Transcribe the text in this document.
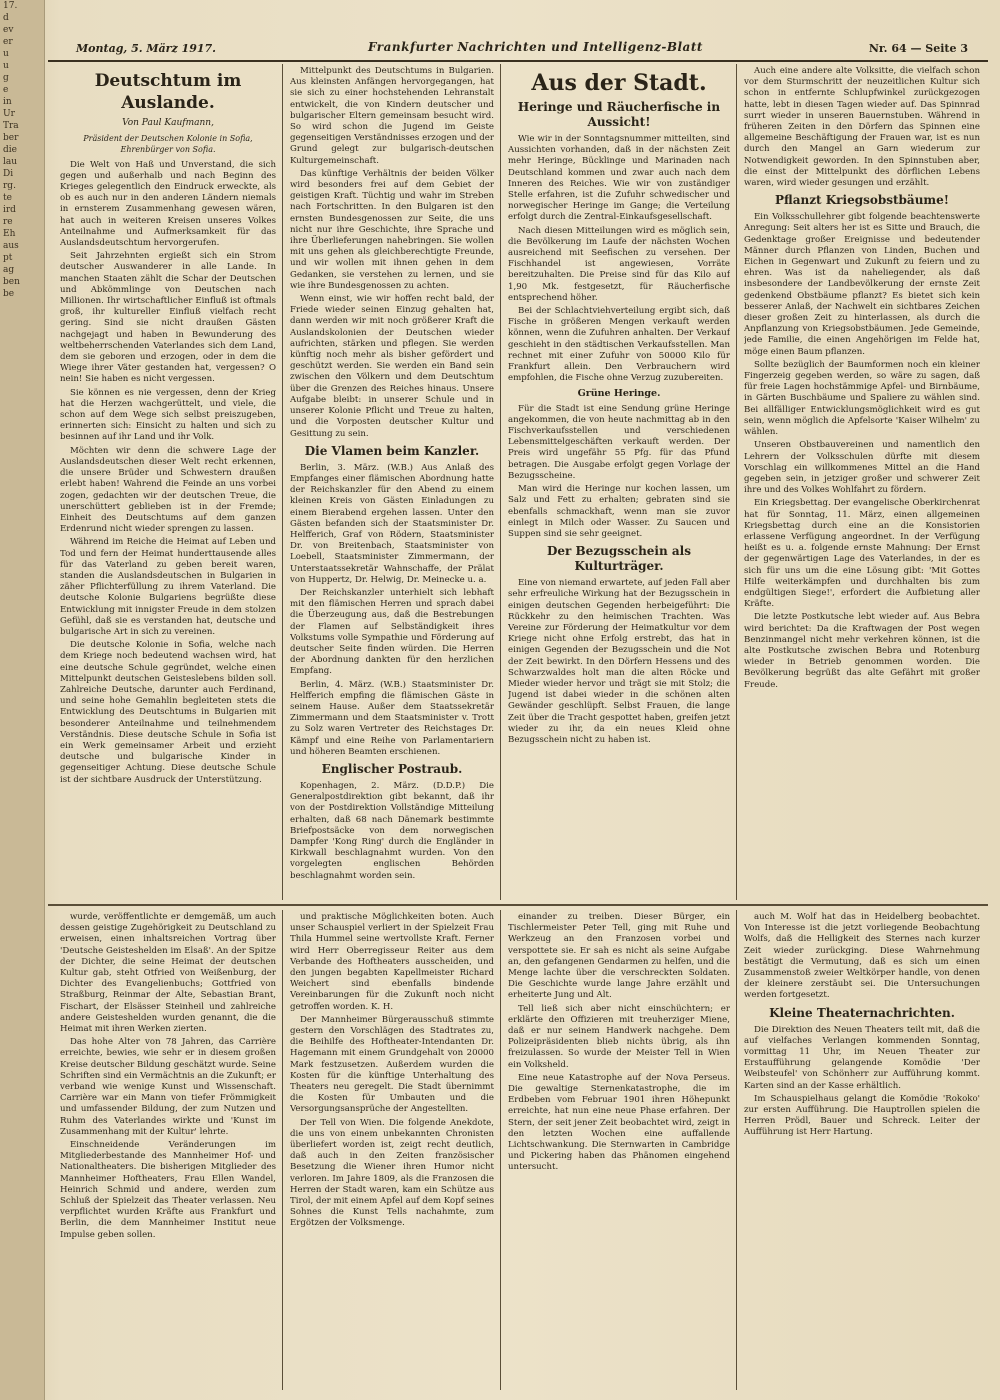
17.
d
ev
er
u
u
g
e
in
Ur
Tra
ber
die
lau
Di
rg.
te
ird
re
Eh
aus
pt
ag
ben
be
Montag, 5. März 1917.	Frankfurter Nachrichten und Intelligenz-Blatt	Nr. 64 — Seite 3
Deutschtum im Auslande.
Von Paul Kaufmann,
Präsident der Deutschen Kolonie in Sofia, Ehrenbürger von Sofia.

Die Welt von Haß und Unverstand, die sich gegen und außerhalb und nach Beginn des Krieges gelegentlich den Eindruck erweckte, als ob es auch nur in den anderen Ländern niemals in ernsterem Zusammenhang gewesen wären, hat auch in weiteren Kreisen unseres Volkes Anteilnahme und Aufmerksamkeit für das Auslandsdeutschtum hervorgerufen.

Seit Jahrzehnten ergießt sich ein Strom deutscher Auswanderer in alle Lande. In manchen Staaten zählt die Schar der Deutschen und Abkömmlinge von Deutschen nach Millionen. Ihr wirtschaftlicher Einfluß ist oftmals groß, ihr kultureller Einfluß vielfach recht gering. Sind sie nicht draußen Gästen nachgejagt und haben in Bewunderung des weltbeherrschenden Vaterlandes sich dem Land, dem sie geboren und erzogen, oder in dem die Wiege ihrer Väter gestanden hat, vergessen? O nein! Sie haben es nicht vergessen.

Sie können es nie vergessen, denn der Krieg hat die Herzen wachgerüttelt, und viele, die schon auf dem Wege sich selbst preiszugeben, erinnerten sich: Einsicht zu halten und sich zu besinnen auf ihr Land und ihr Volk.

Möchten wir denn die schwere Lage der Auslandsdeutschen dieser Welt recht erkennen, die unsere Brüder und Schwestern draußen erlebt haben! Wahrend die Feinde an uns vorbei zogen, gedachten wir der deutschen Treue, die unerschüttert geblieben ist in der Fremde; Einheit des Deutschtums auf dem ganzen Erdenrund nicht wieder sprengen zu lassen.

Während im Reiche die Heimat auf Leben und Tod und fern der Heimat hunderttausende alles für das Vaterland zu geben bereit waren, standen die Auslandsdeutschen in Bulgarien in zäher Pflichterfüllung zu ihrem Vaterland. Die deutsche Kolonie Bulgariens begrüßte diese Entwicklung mit innigster Freude in dem stolzen Gefühl, daß sie es verstanden hat, deutsche und bulgarische Art in sich zu vereinen.

Die deutsche Kolonie in Sofia, welche nach dem Kriege noch bedeutend wachsen wird, hat eine deutsche Schule gegründet, welche einen Mittelpunkt deutschen Geisteslebens bilden soll. Zahlreiche Deutsche, darunter auch Ferdinand, und seine hohe Gemahlin begleiteten stets die Entwicklung des Deutschtums in Bulgarien mit besonderer Anteilnahme und teilnehmendem Verständnis. Diese deutsche Schule in Sofia ist ein Werk gemeinsamer Arbeit und erzieht deutsche und bulgarische Kinder in gegenseitiger Achtung. Diese deutsche Schule ist der sichtbare Ausdruck der Unterstützung.

Mittelpunkt des Deutschtums in Bulgarien. Aus kleinsten Anfängen hervorgegangen, hat sie sich zu einer hochstehenden Lehranstalt entwickelt, die von Kindern deutscher und bulgarischer Eltern gemeinsam besucht wird. So wird schon die Jugend im Geiste gegenseitigen Verständnisses erzogen und der Grund gelegt zur bulgarisch-deutschen Kulturgemeinschaft.

Das künftige Verhältnis der beiden Völker wird besonders frei auf dem Gebiet der geistigen Kraft. Tüchtig und wahr im Streben nach Fortschritten. In den Bulgaren ist den ernsten Bundesgenossen zur Seite, die uns nicht nur ihre Geschichte, ihre Sprache und ihre Überlieferungen nahebringen. Sie wollen mit uns gehen als gleichberechtigte Freunde, und wir wollen mit ihnen gehen in dem Gedanken, sie verstehen zu lernen, und sie wie ihre Bundesgenossen zu achten.

Wenn einst, wie wir hoffen recht bald, der Friede wieder seinen Einzug gehalten hat, dann werden wir mit noch größerer Kraft die Auslandskolonien der Deutschen wieder aufrichten, stärken und pflegen. Sie werden künftig noch mehr als bisher gefördert und geschützt werden. Sie werden ein Band sein zwischen den Völkern und dem Deutschtum über die Grenzen des Reiches hinaus. Unsere Aufgabe bleibt: in unserer Schule und in unserer Kolonie Pflicht und Treue zu halten, und die Vorposten deutscher Kultur und Gesittung zu sein.

Die Vlamen beim Kanzler.

Berlin, 3. März. (W.B.) Aus Anlaß des Empfanges einer flämischen Abordnung hatte der Reichskanzler für den Abend zu einem kleinen Kreis von Gästen Einladungen zu einem Bierabend ergehen lassen. Unter den Gästen befanden sich der Staatsminister Dr. Helfferich, Graf von Rödern, Staatsminister Dr. von Breitenbach, Staatsminister von Loebell, Staatsminister Zimmermann, der Unterstaatssekretär Wahnschaffe, der Prälat von Huppertz, Dr. Helwig, Dr. Meinecke u. a.

Der Reichskanzler unterhielt sich lebhaft mit den flämischen Herren und sprach dabei die Überzeugung aus, daß die Bestrebungen der Flamen auf Selbständigkeit ihres Volkstums volle Sympathie und Förderung auf deutscher Seite finden würden. Die Herren der Abordnung dankten für den herzlichen Empfang.

Berlin, 4. März. (W.B.) Staatsminister Dr. Helfferich empfing die flämischen Gäste in seinem Hause. Außer dem Staatssekretär Zimmermann und dem Staatsminister v. Trott zu Solz waren Vertreter des Reichstages Dr. Kämpf und eine Reihe von Parlamentariern und höheren Beamten erschienen.

Englischer Postraub.

Kopenhagen, 2. März. (D.D.P.) Die Generalpostdirektion gibt bekannt, daß ihr von der Postdirektion Vollständige Mitteilung erhalten, daß 68 nach Dänemark bestimmte Briefpostsäcke von dem norwegischen Dampfer 'Kong Ring' durch die Engländer in Kirkwall beschlagnahmt wurden. Von den vorgelegten englischen Behörden beschlagnahmt worden sein.

Aus der Stadt.
Heringe und Räucherfische in Aussicht!

Wie wir in der Sonntagsnummer mitteilten, sind Aussichten vorhanden, daß in der nächsten Zeit mehr Heringe, Bücklinge und Marinaden nach Deutschland kommen und zwar auch nach dem Inneren des Reiches. Wie wir von zuständiger Stelle erfahren, ist die Zufuhr schwedischer und norwegischer Heringe im Gange; die Verteilung erfolgt durch die Zentral-Einkaufsgesellschaft.

Nach diesen Mitteilungen wird es möglich sein, die Bevölkerung im Laufe der nächsten Wochen ausreichend mit Seefischen zu versehen. Der Fischhandel ist angewiesen, Vorräte bereitzuhalten. Die Preise sind für das Kilo auf 1,90 Mk. festgesetzt, für Räucherfische entsprechend höher.

Bei der Schlachtviehverteilung ergibt sich, daß Fische in größeren Mengen verkauft werden können, wenn die Zufuhren anhalten. Der Verkauf geschieht in den städtischen Verkaufsstellen. Man rechnet mit einer Zufuhr von 50000 Kilo für Frankfurt allein. Den Verbrauchern wird empfohlen, die Fische ohne Verzug zuzubereiten.

Grüne Heringe.

Für die Stadt ist eine Sendung grüne Heringe angekommen, die von heute nachmittag ab in den Fischverkaufsstellen und verschiedenen Lebensmittelgeschäften verkauft werden. Der Preis wird ungefähr 55 Pfg. für das Pfund betragen. Die Ausgabe erfolgt gegen Vorlage der Bezugsscheine.

Man wird die Heringe nur kochen lassen, um Salz und Fett zu erhalten; gebraten sind sie ebenfalls schmackhaft, wenn man sie zuvor einlegt in Milch oder Wasser. Zu Saucen und Suppen sind sie sehr geeignet.

Der Bezugsschein als Kulturträger.

Eine von niemand erwartete, auf jeden Fall aber sehr erfreuliche Wirkung hat der Bezugsschein in einigen deutschen Gegenden herbeigeführt: Die Rückkehr zu den heimischen Trachten. Was Vereine zur Förderung der Heimatkultur vor dem Kriege nicht ohne Erfolg erstrebt, das hat in einigen Gegenden der Bezugsschein und die Not der Zeit bewirkt. In den Dörfern Hessens und des Schwarzwaldes holt man die alten Röcke und Mieder wieder hervor und trägt sie mit Stolz; die Jugend ist dabei wieder in die schönen alten Gewänder geschlüpft. Selbst Frauen, die lange Zeit über die Tracht gespottet haben, greifen jetzt wieder zu ihr, da ein neues Kleid ohne Bezugsschein nicht zu haben ist.

Auch eine andere alte Volksitte, die vielfach schon vor dem Sturmschritt der neuzeitlichen Kultur sich schon in entfernte Schlupfwinkel zurückgezogen hatte, lebt in diesen Tagen wieder auf. Das Spinnrad surrt wieder in unseren Bauernstuben. Während in früheren Zeiten in den Dörfern das Spinnen eine allgemeine Beschäftigung der Frauen war, ist es nun durch den Mangel an Garn wiederum zur Notwendigkeit geworden. In den Spinnstuben aber, die einst der Mittelpunkt des dörflichen Lebens waren, wird wieder gesungen und erzählt.

Pflanzt Kriegsobstbäume!

Ein Volksschullehrer gibt folgende beachtenswerte Anregung: Seit alters her ist es Sitte und Brauch, die Gedenktage großer Ereignisse und bedeutender Männer durch Pflanzen von Linden, Buchen und Eichen in Gegenwart und Zukunft zu feiern und zu ehren. Was ist da naheliegender, als daß insbesondere der Landbevölkerung der ernste Zeit gedenkend Obstbäume pflanzt? Es bietet sich kein besserer Anlaß, der Nachwelt ein sichtbares Zeichen dieser großen Zeit zu hinterlassen, als durch die Anpflanzung von Kriegsobstbäumen. Jede Gemeinde, jede Familie, die einen Angehörigen im Felde hat, möge einen Baum pflanzen.

Sollte bezüglich der Baumformen noch ein kleiner Fingerzeig gegeben werden, so wäre zu sagen, daß für freie Lagen hochstämmige Apfel- und Birnbäume, in Gärten Buschbäume und Spaliere zu wählen sind. Bei allfälliger Entwicklungsmöglichkeit wird es gut sein, wenn möglich die Apfelsorte 'Kaiser Wilhelm' zu wählen.

Unseren Obstbauvereinen und namentlich den Lehrern der Volksschulen dürfte mit diesem Vorschlag ein willkommenes Mittel an die Hand gegeben sein, in jetziger großer und schwerer Zeit ihre und des Volkes Wohlfahrt zu fördern.

Ein Kriegsbettag. Der evangelische Oberkirchenrat hat für Sonntag, 11. März, einen allgemeinen Kriegsbettag durch eine an die Konsistorien erlassene Verfügung angeordnet. In der Verfügung heißt es u. a. folgende ernste Mahnung: Der Ernst der gegenwärtigen Lage des Vaterlandes, in der es sich für uns um die eine Lösung gibt: 'Mit Gottes Hilfe weiterkämpfen und durchhalten bis zum endgültigen Siege!', erfordert die Aufbietung aller Kräfte.

Die letzte Postkutsche lebt wieder auf. Aus Bebra wird berichtet: Da die Kraftwagen der Post wegen Benzinmangel nicht mehr verkehren können, ist die alte Postkutsche zwischen Bebra und Rotenburg wieder in Betrieb genommen worden. Die Bevölkerung begrüßt das alte Gefährt mit großer Freude.

wurde, veröffentlichte er demgemäß, um auch dessen geistige Zugehörigkeit zu Deutschland zu erweisen, einen inhaltsreichen Vortrag über 'Deutsche Geisteshelden im Elsaß'. An der Spitze der Dichter, die seine Heimat der deutschen Kultur gab, steht Otfried von Weißenburg, der Dichter des Evangelienbuchs; Gottfried von Straßburg, Reinmar der Alte, Sebastian Brant, Fischart, der Elsässer Steinheil und zahlreiche andere Geisteshelden wurden genannt, die die Heimat mit ihren Werken zierten.

Das hohe Alter von 78 Jahren, das Carrière erreichte, bewies, wie sehr er in diesem großen Kreise deutscher Bildung geschätzt wurde. Seine Schriften sind ein Vermächtnis an die Zukunft; er verband wie wenige Kunst und Wissenschaft. Carrière war ein Mann von tiefer Frömmigkeit und umfassender Bildung, der zum Nutzen und Ruhm des Vaterlandes wirkte und 'Kunst im Zusammenhang mit der Kultur' lehrte.

Einschneidende Veränderungen im Mitgliederbestande des Mannheimer Hof- und Nationaltheaters. Die bisherigen Mitglieder des Mannheimer Hoftheaters, Frau Ellen Wandel, Heinrich Schmid und andere, werden zum Schluß der Spielzeit das Theater verlassen. Neu verpflichtet wurden Kräfte aus Frankfurt und Berlin, die dem Mannheimer Institut neue Impulse geben sollen.

und praktische Möglichkeiten boten. Auch unser Schauspiel verliert in der Spielzeit Frau Thila Hummel seine wertvollste Kraft. Ferner wird Herr Oberregisseur Reiter aus dem Verbande des Hoftheaters ausscheiden, und den jungen begabten Kapellmeister Richard Weichert sind ebenfalls bindende Vereinbarungen für die Zukunft noch nicht getroffen worden. K. H.

Der Mannheimer Bürgerausschuß stimmte gestern den Vorschlägen des Stadtrates zu, die Beihilfe des Hoftheater-Intendanten Dr. Hagemann mit einem Grundgehalt von 20000 Mark festzusetzen. Außerdem wurden die Kosten für die künftige Unterhaltung des Theaters neu geregelt. Die Stadt übernimmt die Kosten für Umbauten und die Versorgungsansprüche der Angestellten.

Der Tell von Wien. Die folgende Anekdote, die uns von einem unbekannten Chronisten überliefert worden ist, zeigt recht deutlich, daß auch in den Zeiten französischer Besetzung die Wiener ihren Humor nicht verloren. Im Jahre 1809, als die Franzosen die Herren der Stadt waren, kam ein Schütze aus Tirol, der mit einem Apfel auf dem Kopf seines Sohnes die Kunst Tells nachahmte, zum Ergötzen der Volksmenge.

einander zu treiben. Dieser Bürger, ein Tischlermeister Peter Tell, ging mit Ruhe und Werkzeug an den Franzosen vorbei und verspottete sie. Er sah es nicht als seine Aufgabe an, den gefangenen Gendarmen zu helfen, und die Menge lachte über die verschreckten Soldaten. Die Geschichte wurde lange Jahre erzählt und erheiterte Jung und Alt.

Tell ließ sich aber nicht einschüchtern; er erklärte den Offizieren mit treuherziger Miene, daß er nur seinem Handwerk nachgehe. Dem Polizeipräsidenten blieb nichts übrig, als ihn freizulassen. So wurde der Meister Tell in Wien ein Volksheld.

Eine neue Katastrophe auf der Nova Perseus. Die gewaltige Sternenkatastrophe, die im Erdbeben vom Februar 1901 ihren Höhepunkt erreichte, hat nun eine neue Phase erfahren. Der Stern, der seit jener Zeit beobachtet wird, zeigt in den letzten Wochen eine auffallende Lichtschwankung. Die Sternwarten in Cambridge und Pickering haben das Phänomen eingehend untersucht.

auch M. Wolf hat das in Heidelberg beobachtet. Von Interesse ist die jetzt vorliegende Beobachtung Wolfs, daß die Helligkeit des Sternes nach kurzer Zeit wieder zurückging. Diese Wahrnehmung bestätigt die Vermutung, daß es sich um einen Zusammenstoß zweier Weltkörper handle, von denen der kleinere zerstäubt sei. Die Untersuchungen werden fortgesetzt.

Kleine Theaternachrichten.

Die Direktion des Neuen Theaters teilt mit, daß die auf vielfaches Verlangen kommenden Sonntag, vormittag 11 Uhr, im Neuen Theater zur Erstaufführung gelangende Komödie 'Der Weibsteufel' von Schönherr zur Aufführung kommt. Karten sind an der Kasse erhältlich.

Im Schauspielhaus gelangt die Komödie 'Rokoko' zur ersten Aufführung. Die Hauptrollen spielen die Herren Prödl, Bauer und Schreck. Leiter der Aufführung ist Herr Hartung.
